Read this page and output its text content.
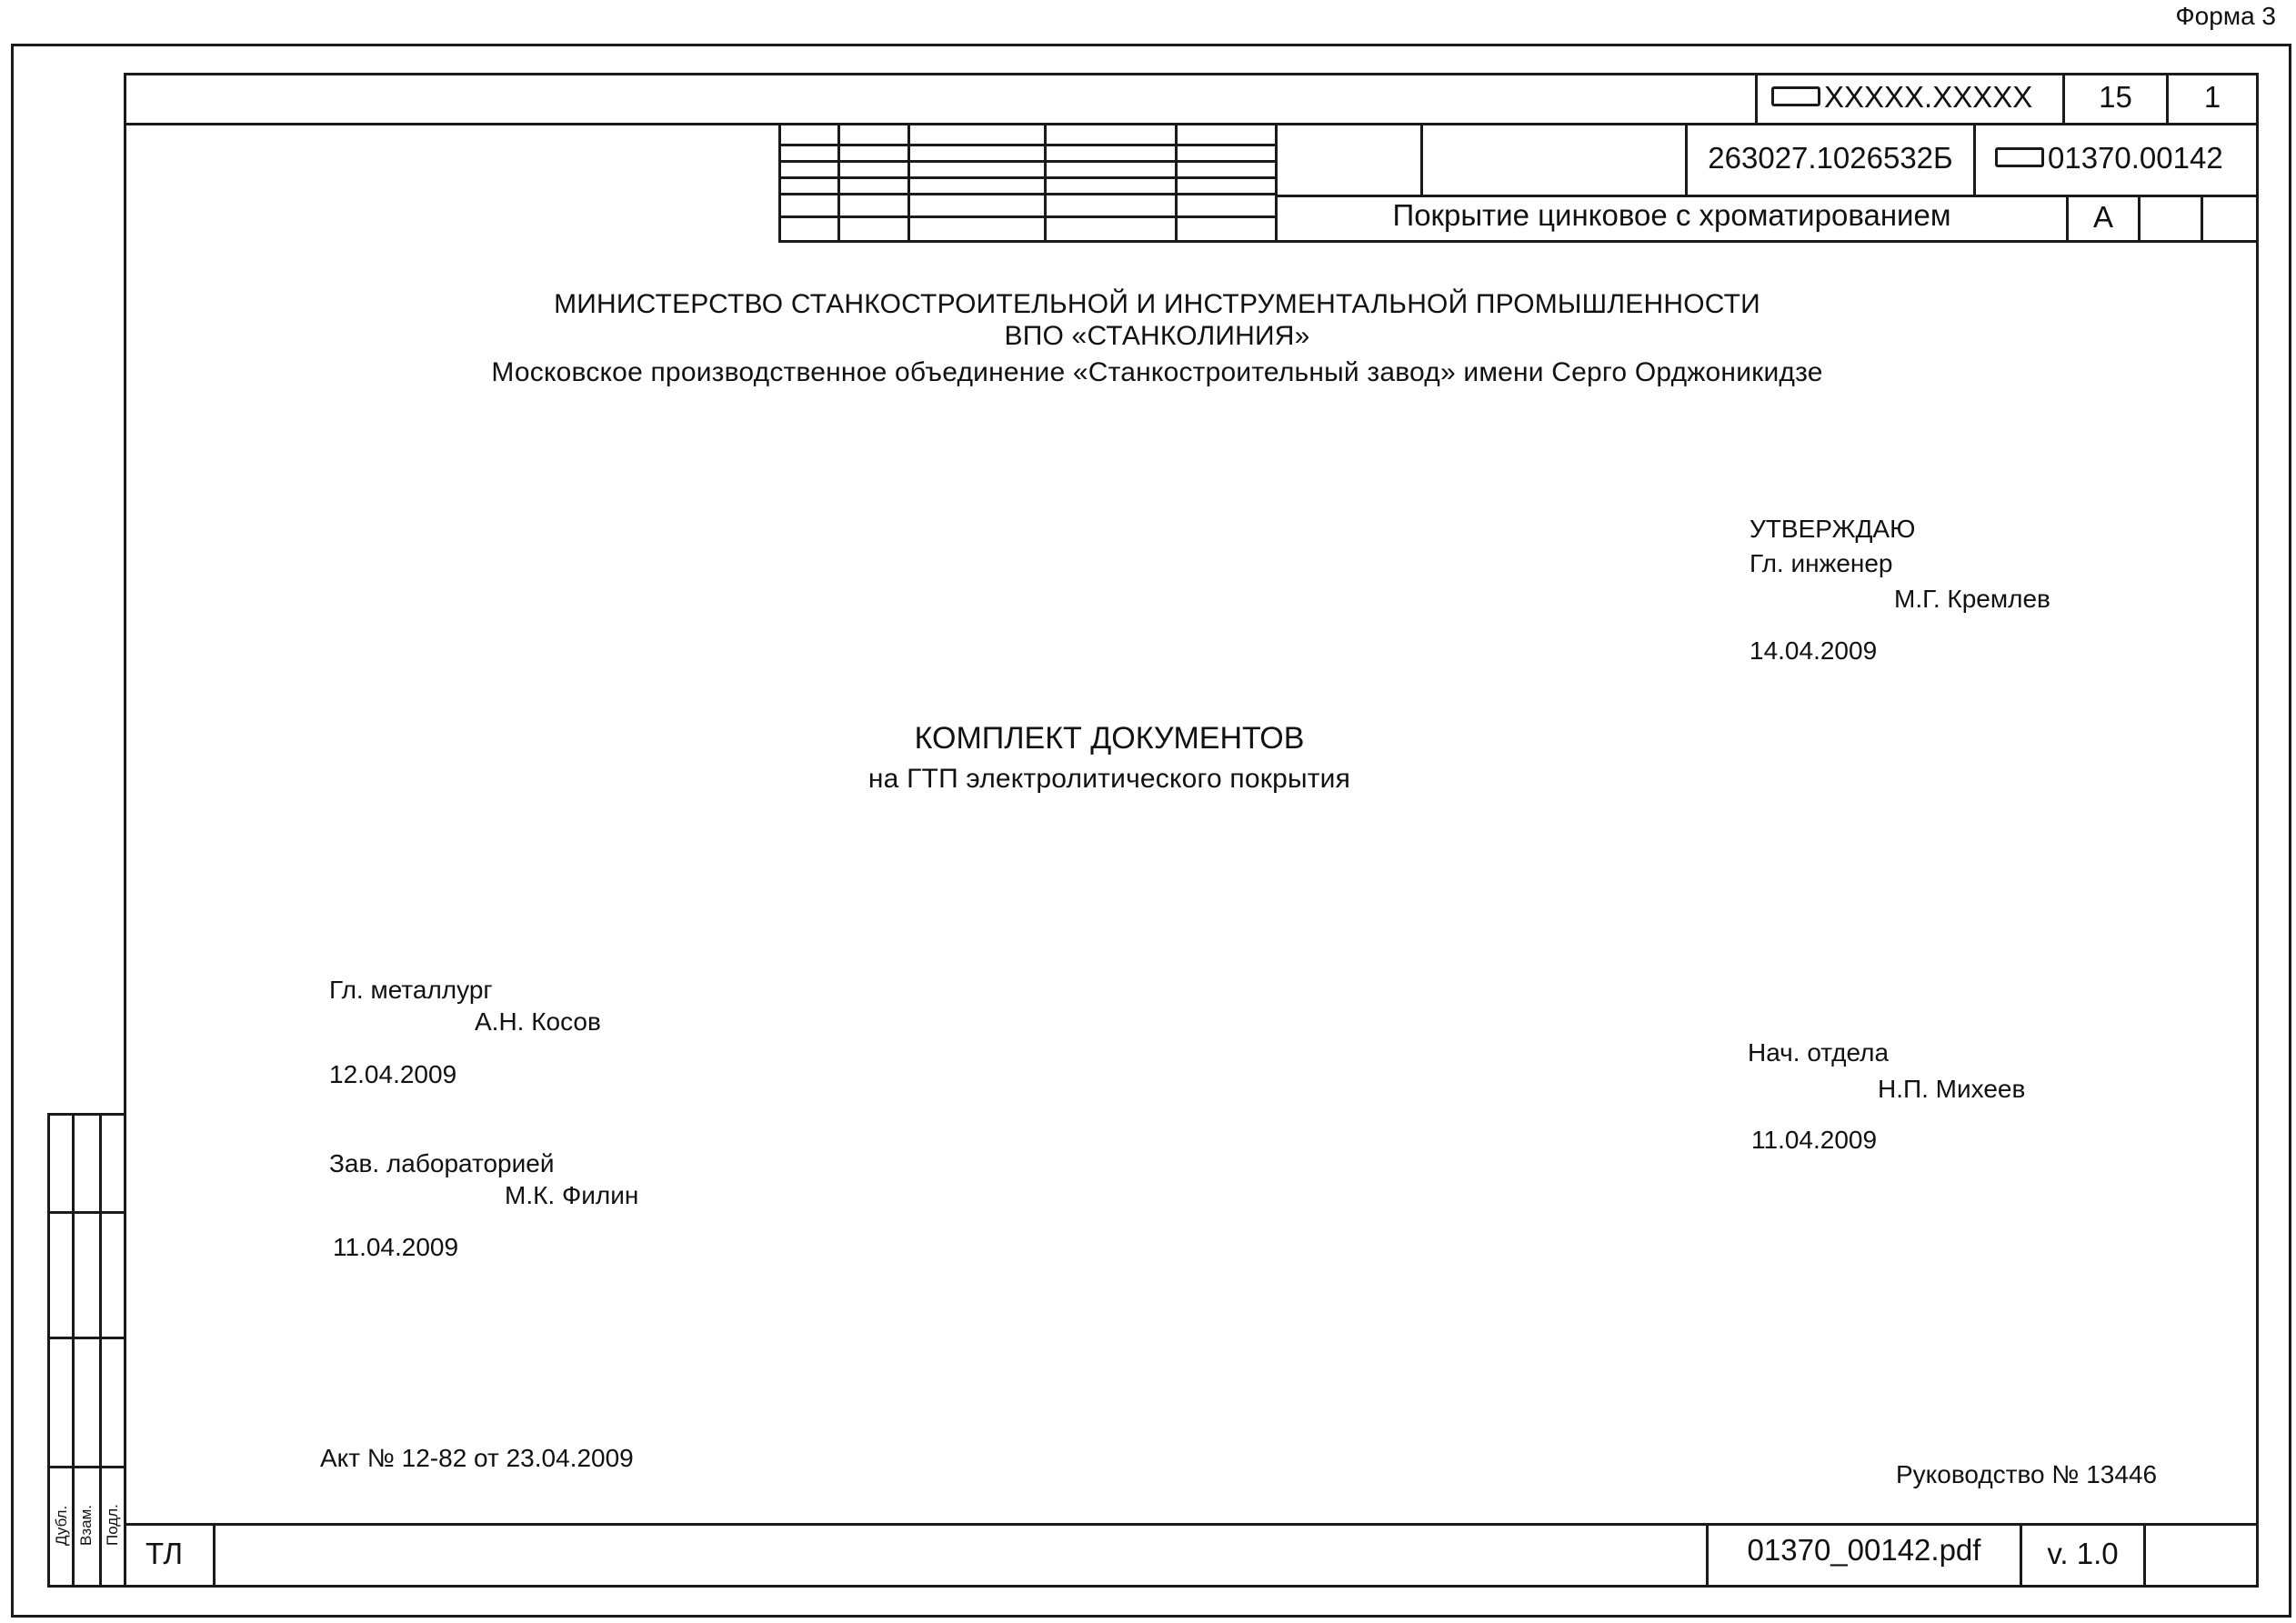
Форма 3
XXXXX.XXXXX	15	1
263027.1026532Б	01370.00142
Покрытие цинковое с хроматированием	А
МИНИСТЕРСТВО СТАНКОСТРОИТЕЛЬНОЙ И ИНСТРУМЕНТАЛЬНОЙ ПРОМЫШЛЕННОСТИ
ВПО «СТАНКОЛИНИЯ»
Московское производственное объединение «Станкостроительный завод» имени Серго Орджоникидзе
УТВЕРЖДАЮ
Гл. инженер
М.Г. Кремлев
14.04.2009
КОМПЛЕКТ ДОКУМЕНТОВ
на ГТП электролитического покрытия
Гл. металлург
А.Н. Косов
12.04.2009
Зав. лабораторией
М.К. Филин
11.04.2009
Нач. отдела
Н.П. Михеев
11.04.2009
Акт № 12-82 от 23.04.2009
Руководство № 13446
Дубл. Взам. Подл.
ТЛ	01370_00142.pdf	v. 1.0
